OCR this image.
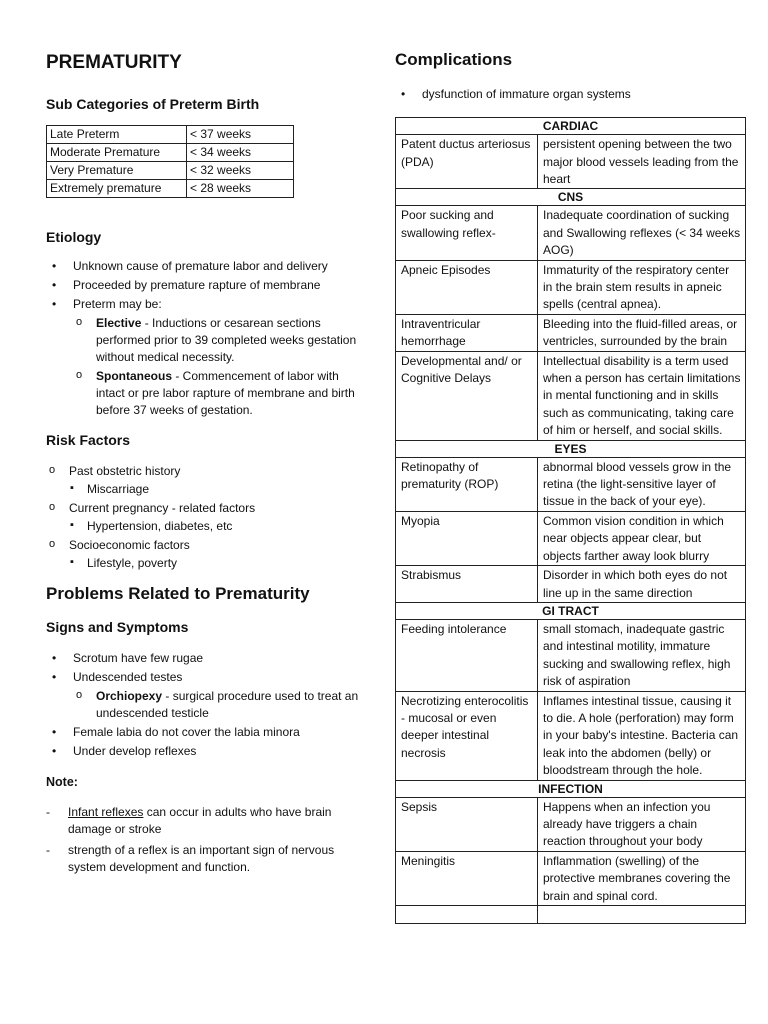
PREMATURITY
Sub Categories of Preterm Birth
Late Preterm	< 37 weeks
Moderate Premature	< 34 weeks
Very Premature	< 32 weeks
Extremely premature	< 28 weeks
Etiology
• Unknown cause of premature labor and delivery
• Proceeded by premature rapture of membrane
• Preterm may be:
o Elective - Inductions or cesarean sections performed prior to 39 completed weeks gestation without medical necessity.
o Spontaneous - Commencement of labor with intact or pre labor rapture of membrane and birth before 37 weeks of gestation.
Risk Factors
o Past obstetric history
▪ Miscarriage
o Current pregnancy - related factors
▪ Hypertension, diabetes, etc
o Socioeconomic factors
▪ Lifestyle, poverty
Problems Related to Prematurity
Signs and Symptoms
• Scrotum have few rugae
• Undescended testes
o Orchiopexy - surgical procedure used to treat an undescended testicle
• Female labia do not cover the labia minora
• Under develop reflexes
Note:
- Infant reflexes can occur in adults who have brain damage or stroke
- strength of a reflex is an important sign of nervous system development and function.
Complications
• dysfunction of immature organ systems
CARDIAC	
Patent ductus arteriosus (PDA)	persistent opening between the two major blood vessels leading from the heart
CNS	
Poor sucking and swallowing reflex-	Inadequate coordination of sucking and Swallowing reflexes (< 34 weeks AOG)
Apneic Episodes	Immaturity of the respiratory center in the brain stem results in apneic spells (central apnea).
Intraventricular hemorrhage	Bleeding into the fluid-filled areas, or ventricles, surrounded by the brain
Developmental and/ or Cognitive Delays	Intellectual disability is a term used when a person has certain limitations in mental functioning and in skills such as communicating, taking care of him or herself, and social skills.
EYES	
Retinopathy of prematurity (ROP)	abnormal blood vessels grow in the retina (the light-sensitive layer of tissue in the back of your eye).
Myopia	Common vision condition in which near objects appear clear, but objects farther away look blurry
Strabismus	Disorder in which both eyes do not line up in the same direction
GI TRACT	
Feeding intolerance	small stomach, inadequate gastric and intestinal motility, immature sucking and swallowing reflex, high risk of aspiration
Necrotizing enterocolitis - mucosal or even deeper intestinal necrosis	Inflames intestinal tissue, causing it to die. A hole (perforation) may form in your baby's intestine. Bacteria can leak into the abdomen (belly) or bloodstream through the hole.
INFECTION	
Sepsis	Happens when an infection you already have triggers a chain reaction throughout your body
Meningitis	Inflammation (swelling) of the protective membranes covering the brain and spinal cord.
